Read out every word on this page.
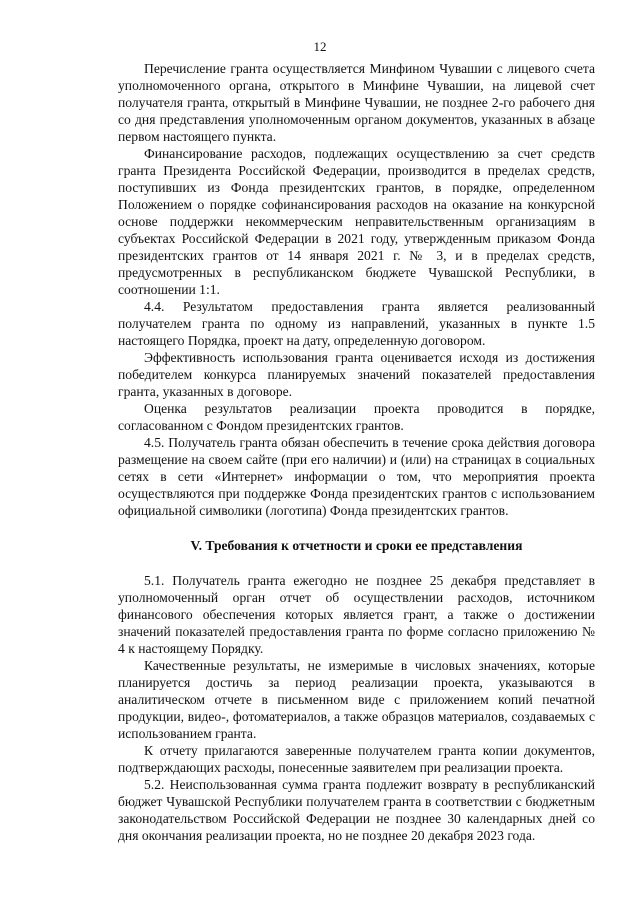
12

Перечисление гранта осуществляется Минфином Чувашии с лицевого счета уполномоченного органа, открытого в Минфине Чувашии, на лицевой счет получателя гранта, открытый в Минфине Чувашии, не позднее 2-го рабочего дня со дня представления уполномоченным органом документов, указанных в абзаце первом настоящего пункта.

Финансирование расходов, подлежащих осуществлению за счет средств гранта Президента Российской Федерации, производится в пределах средств, поступивших из Фонда президентских грантов, в порядке, определенном Положением о порядке софинансирования расходов на оказание на конкурсной основе поддержки некоммерческим неправительственным организациям в субъектах Российской Федерации в 2021 году, утвержденным приказом Фонда президентских грантов от 14 января 2021 г. № 3, и в пределах средств, предусмотренных в республиканском бюджете Чувашской Республики, в соотношении 1:1.

4.4. Результатом предоставления гранта является реализованный получателем гранта по одному из направлений, указанных в пункте 1.5 настоящего Порядка, проект на дату, определенную договором.

Эффективность использования гранта оценивается исходя из достижения победителем конкурса планируемых значений показателей предоставления гранта, указанных в договоре.

Оценка результатов реализации проекта проводится в порядке, согласованном с Фондом президентских грантов.

4.5. Получатель гранта обязан обеспечить в течение срока действия договора размещение на своем сайте (при его наличии) и (или) на страницах в социальных сетях в сети «Интернет» информации о том, что мероприятия проекта осуществляются при поддержке Фонда президентских грантов с использованием официальной символики (логотипа) Фонда президентских грантов.

V. Требования к отчетности и сроки ее представления

5.1. Получатель гранта ежегодно не позднее 25 декабря представляет в уполномоченный орган отчет об осуществлении расходов, источником финансового обеспечения которых является грант, а также о достижении значений показателей предоставления гранта по форме согласно приложению № 4 к настоящему Порядку.

Качественные результаты, не измеримые в числовых значениях, которые планируется достичь за период реализации проекта, указываются в аналитическом отчете в письменном виде с приложением копий печатной продукции, видео-, фотоматериалов, а также образцов материалов, создаваемых с использованием гранта.

К отчету прилагаются заверенные получателем гранта копии документов, подтверждающих расходы, понесенные заявителем при реализации проекта.

5.2. Неиспользованная сумма гранта подлежит возврату в республиканский бюджет Чувашской Республики получателем гранта в соответствии с бюджетным законодательством Российской Федерации не позднее 30 календарных дней со дня окончания реализации проекта, но не позднее 20 декабря 2023 года.
